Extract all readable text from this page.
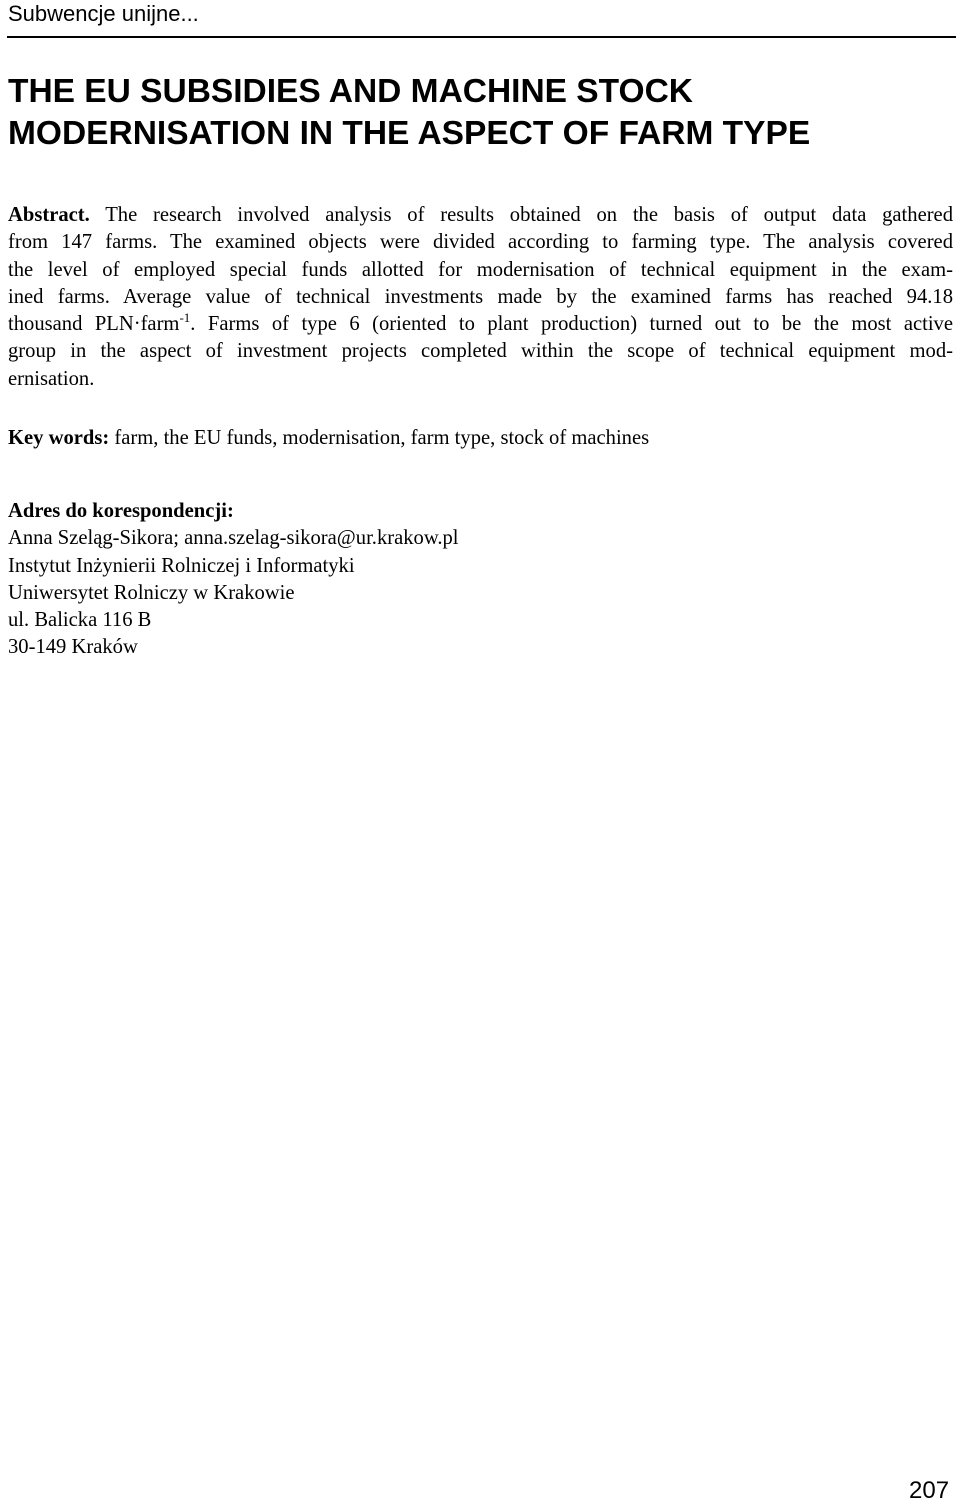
Subwencje unijne...
THE EU SUBSIDIES AND MACHINE STOCK
MODERNISATION IN THE ASPECT OF FARM TYPE
Abstract. The research involved analysis of results obtained on the basis of output data gathered
from 147 farms. The examined objects were divided according to farming type. The analysis covered
the level of employed special funds allotted for modernisation of technical equipment in the exam-
ined farms. Average value of technical investments made by the examined farms has reached 94.18
thousand PLN·farm$^{-1}$. Farms of type 6 (oriented to plant production) turned out to be the most active
group in the aspect of investment projects completed within the scope of technical equipment mod-
ernisation.
Key words: farm, the EU funds, modernisation, farm type, stock of machines
Adres do korespondencji:
Anna Szeląg-Sikora; anna.szelag-sikora@ur.krakow.pl
Instytut Inżynierii Rolniczej i Informatyki
Uniwersytet Rolniczy w Krakowie
ul. Balicka 116 B
30-149 Kraków
207
